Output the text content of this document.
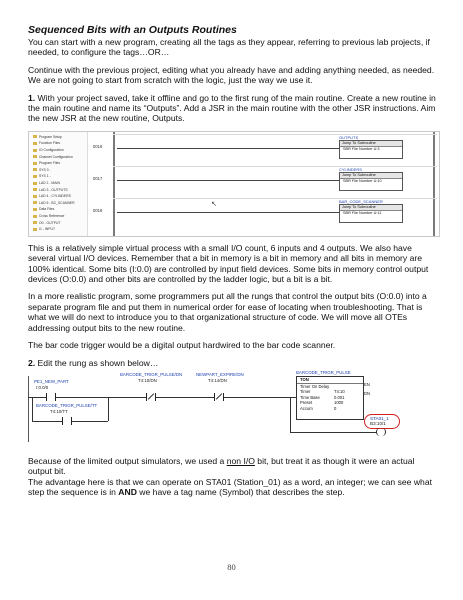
Sequenced Bits with an Outputs Routines

You can start with a new program, creating all the tags as they appear, referring to previous lab projects, if needed, to configure the tags…OR…

Continue with the previous project, editing what you already have and adding anything needed, as needed. We are not going to start from scratch with the logic, just the way we use it.

1. With your project saved, take it offline and go to the first rung of the main routine. Create a new routine in the main routine and name its “Outputs”. Add a JSR in the main routine with the other JSR instructions. Aim the new JSR at the new routine, Outputs.

Program Setup
Function Files
IO Configuration
Channel Configuration
Program Files
SYS 0 -
SYS 1 -
LAD 2 - MAIN
LAD 3 - OUTPUTS
LAD 4 - CYLINDERS
LAD 5 - BC_SCANNER
Data Files
Cross Reference
O0 - OUTPUT
I1 - INPUT
0016
OUTPUTS
Jump To Subroutine
SBR File Number U:3
0017
CYLINDERS
Jump To Subroutine
SBR File Number U:10
0018
BAR_CODE_SCANNER
Jump To Subroutine
SBR File Number U:11
↖

This is a relatively simple virtual process with a small I/O count, 6 inputs and 4 outputs. We also have several virtual I/O devices. Remember that a bit in memory is a bit in memory and all bits in memory are 100% identical. Some bits (I:0.0) are controlled by input field devices. Some bits in memory control output devices (O:0.0) and other bits are controlled by the ladder logic, but a bit is a bit.

In a more realistic program, some programmers put all the rungs that control the output bits (O:0.0) into a separate program file and put them in numerical order for ease of locating when troubleshooting. That is what we will do next to introduce you to that organizational structure of code. We will move all OTEs addressing output bits to the new routine.

The bar code trigger would be a digital output hardwired to the bar code scanner.

2. Edit the rung as shown below…

PE1_NEW_PART
I:0.0/0
BARCODE_TRIGR_PULSE/DN
T4:10/DN
NEWPART_EXPIRE/DN
T4:14/DN
BARCODE_TRIGR_PULSE/TT
T4:10/TT
BARCODE_TRIGR_PULSE
TON
Timer On Delay
Timer	T4:10
Time Base	0.001
Preset	1000
Accum	0
EN
DN
STA01_1
B3:10/1

Because of the limited output simulators, we used a non I/O bit, but treat it as though it were an actual output bit.

The advantage here is that we can operate on STA01 (Station_01) as a word, an integer; we can see what step the sequence is in AND we have a tag name (Symbol) that describes the step.

80
